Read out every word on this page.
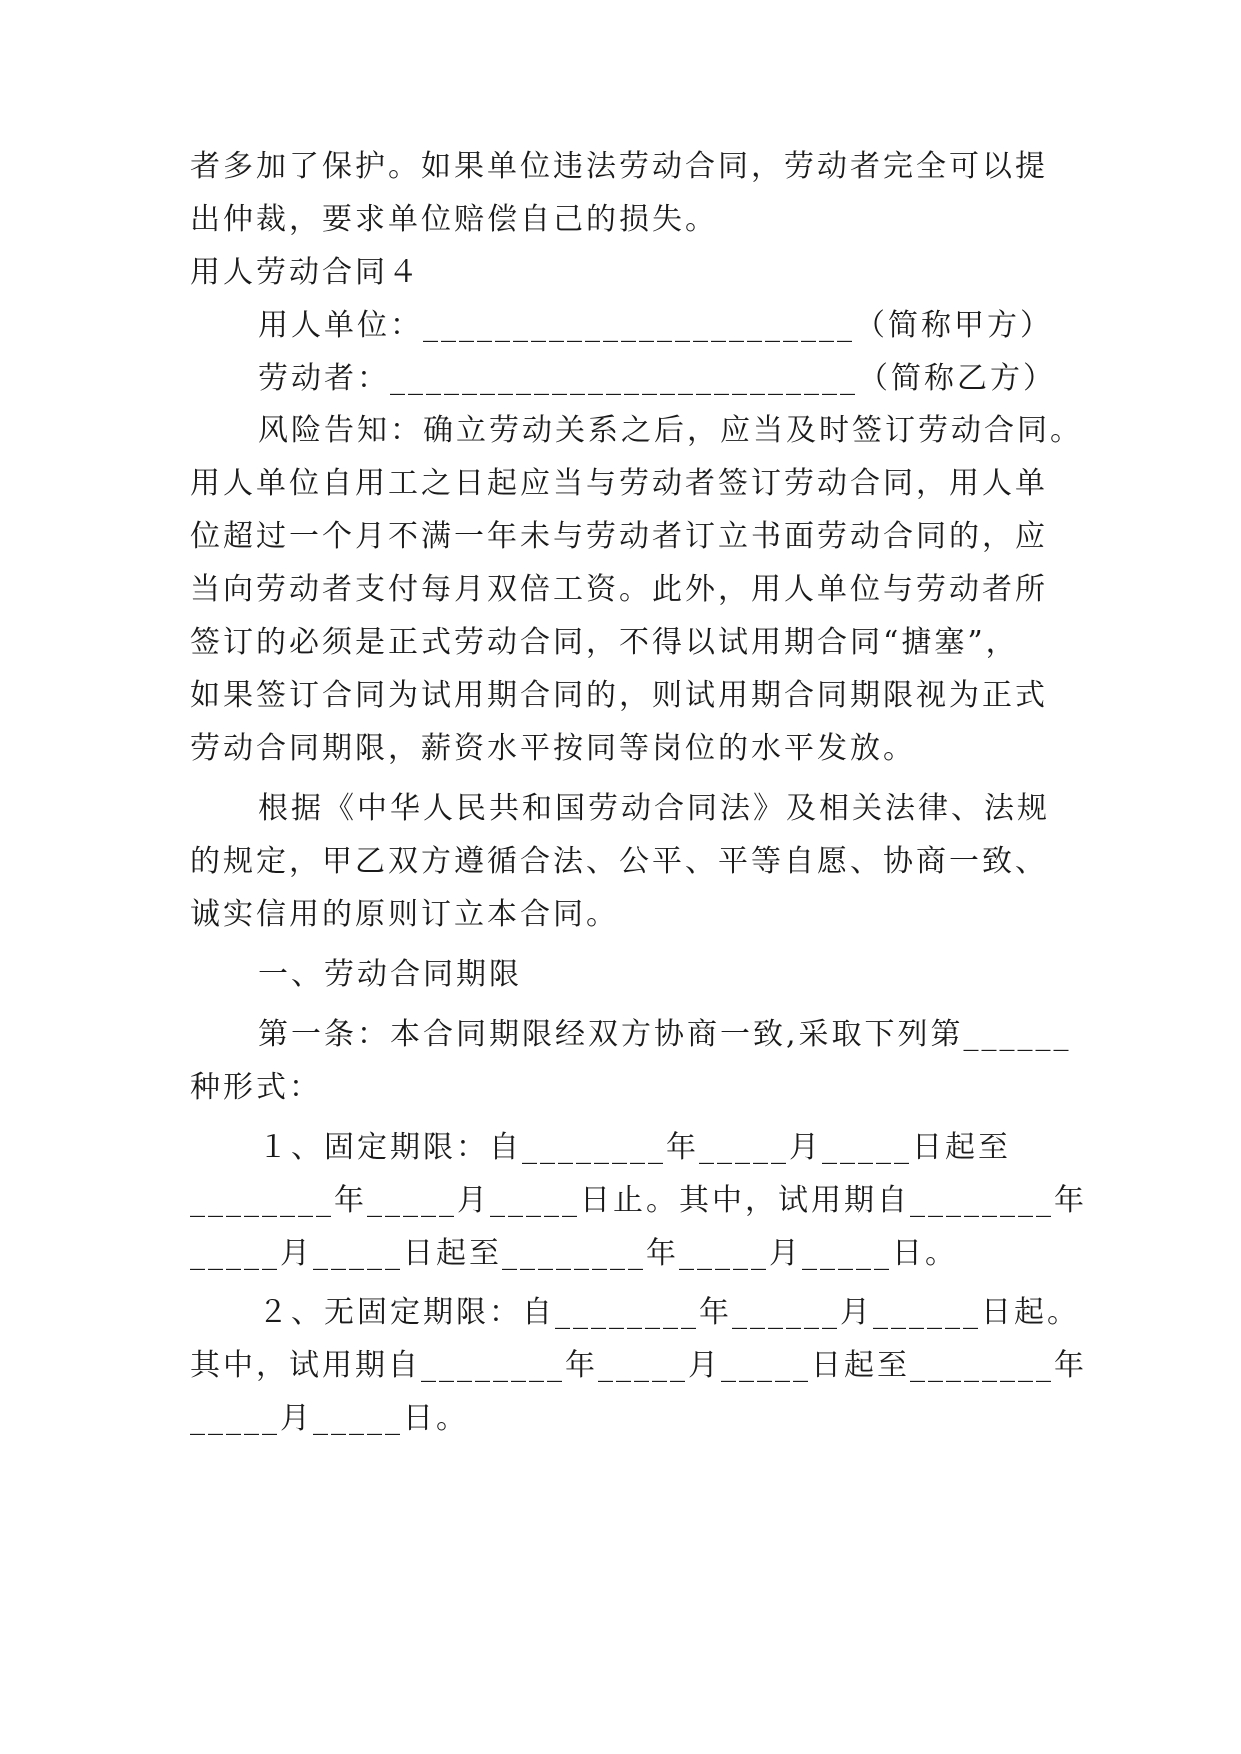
者多加了保护。如果单位违法劳动合同，劳动者完全可以提
出仲裁，要求单位赔偿自己的损失。
用人劳动合同４
用人单位：________________________（简称甲方）
劳动者：__________________________（简称乙方）
风险告知：确立劳动关系之后，应当及时签订劳动合同。
用人单位自用工之日起应当与劳动者签订劳动合同，用人单
位超过一个月不满一年未与劳动者订立书面劳动合同的，应
当向劳动者支付每月双倍工资。此外，用人单位与劳动者所
签订的必须是正式劳动合同，不得以试用期合同“搪塞”，
如果签订合同为试用期合同的，则试用期合同期限视为正式
劳动合同期限，薪资水平按同等岗位的水平发放。
根据《中华人民共和国劳动合同法》及相关法律、法规
的规定，甲乙双方遵循合法、公平、平等自愿、协商一致、
诚实信用的原则订立本合同。
一、劳动合同期限
第一条：本合同期限经双方协商一致,采取下列第______
种形式：
１、固定期限：自________年_____月_____日起至
________年_____月_____日止。其中，试用期自________年
_____月_____日起至________年_____月_____日。
２、无固定期限：自________年______月______日起。
其中，试用期自________年_____月_____日起至________年
_____月_____日。
